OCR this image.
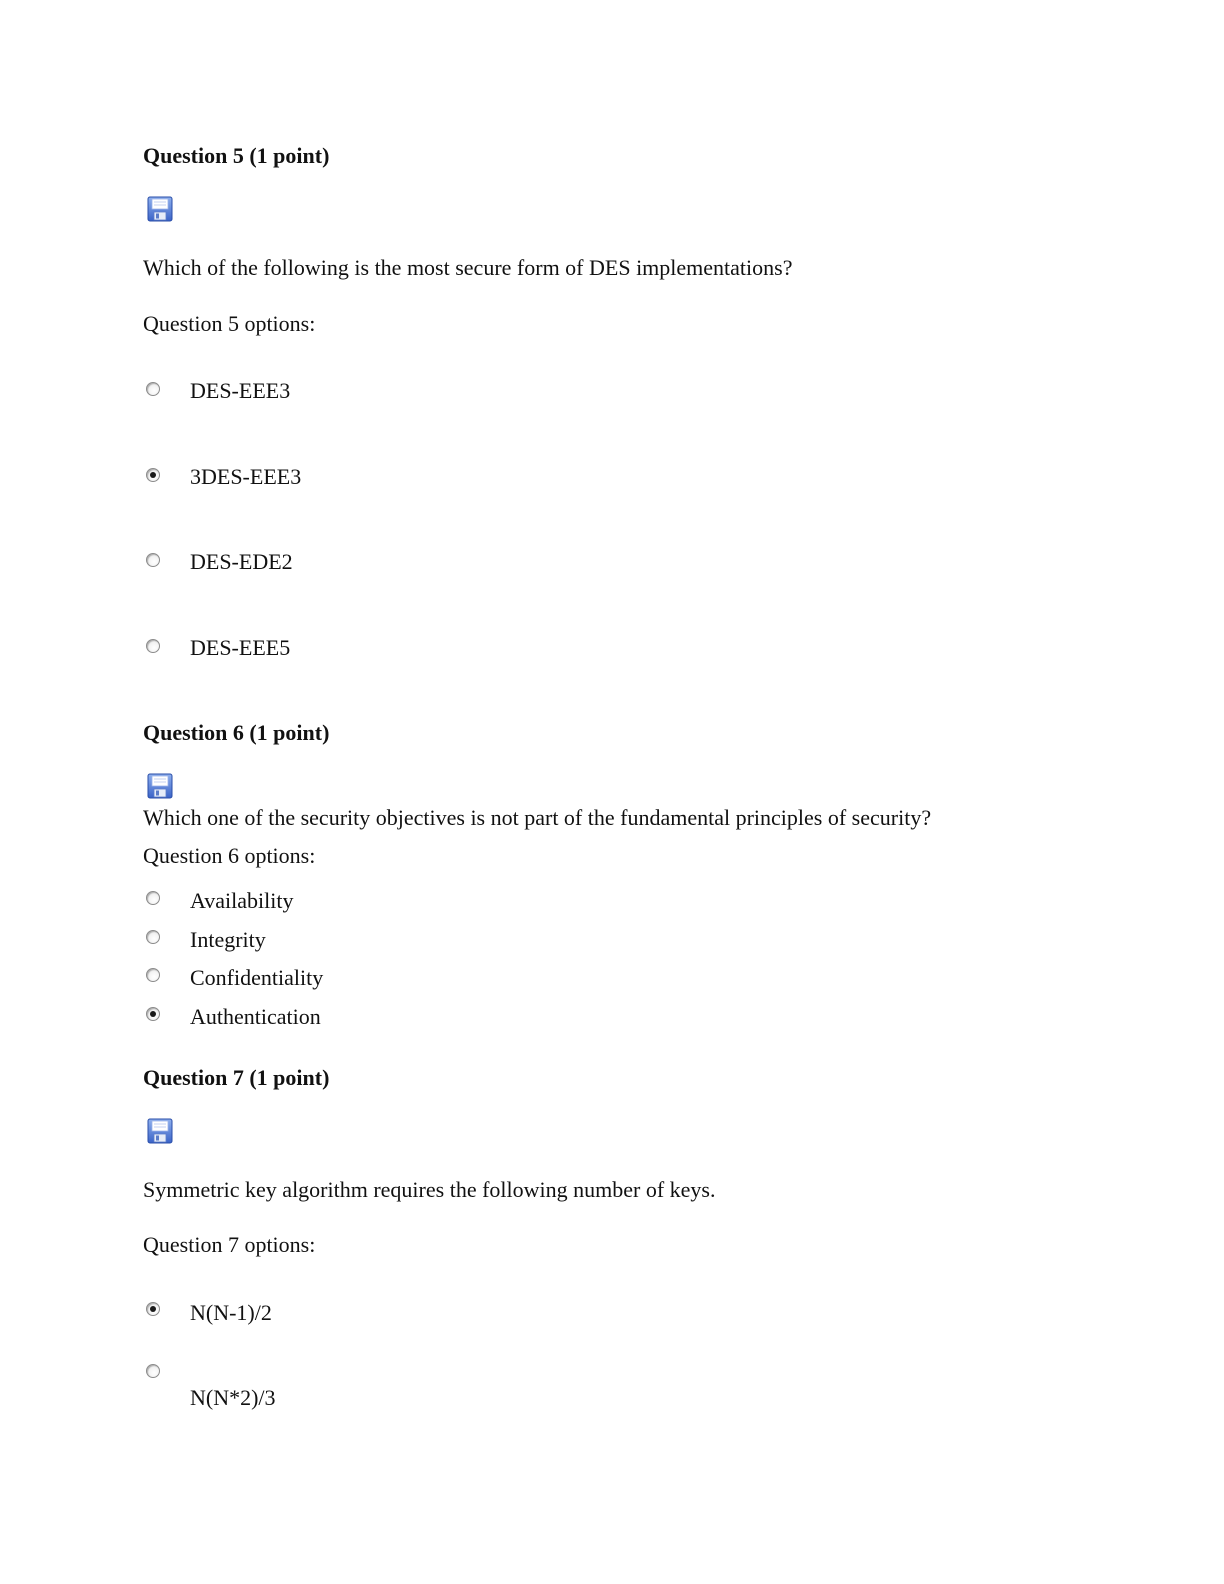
Question 5 (1 point)
Which of the following is the most secure form of DES implementations?
Question 5 options:
DES-EEE3
3DES-EEE3
DES-EDE2
DES-EEE5
Question 6 (1 point)
Which one of the security objectives is not part of the fundamental principles of security?
Question 6 options:
Availability
Integrity
Confidentiality
Authentication
Question 7 (1 point)
Symmetric key algorithm requires the following number of keys.
Question 7 options:
N(N-1)/2
N(N*2)/3
